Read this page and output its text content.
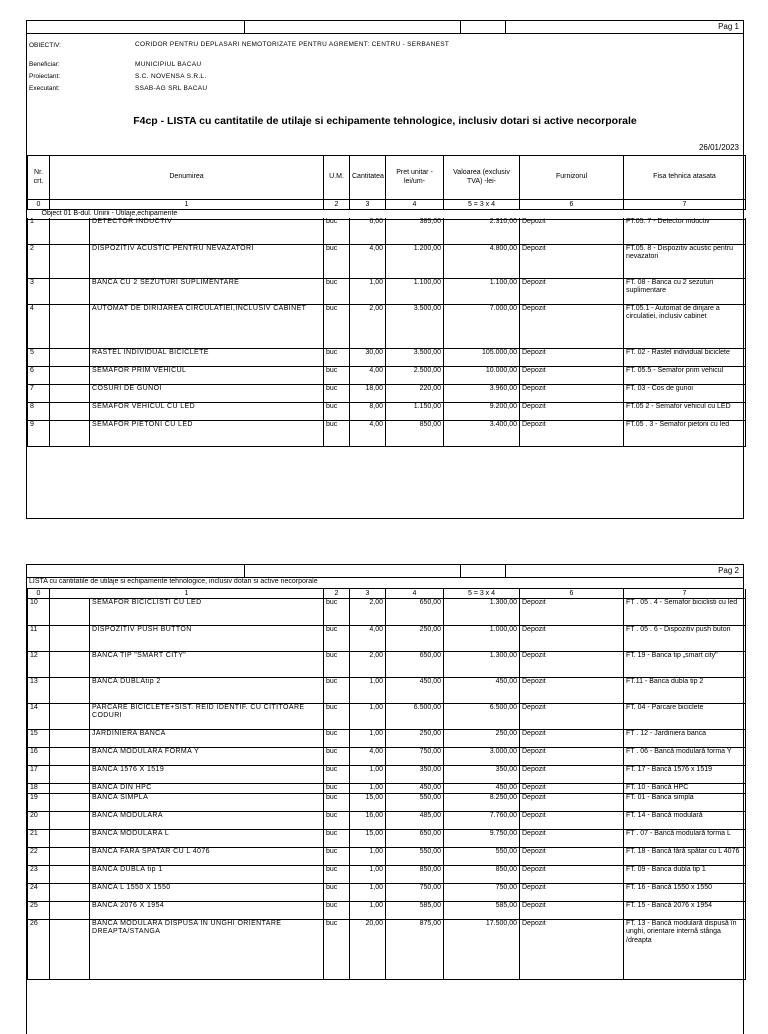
Pag 1
OBIECTIV:	CORIDOR PENTRU DEPLASARI NEMOTORIZATE PENTRU AGREMENT: CENTRU - SERBANEST
Beneficiar:	MUNICIPIUL BACAU
Proiectant:	S.C. NOVENSA S.R.L.
Executant:	SSAB-AG SRL BACAU
F4cp - LISTA cu cantitatile de utilaje si echipamente tehnologice, inclusiv dotari si active necorporale
26/01/2023
Nr. crt.	Denumirea	U.M.	Cantitatea	Pret unitar -lei/um-	Valoarea (exclusiv TVA) -lei-	Furnizorul	Fisa tehnica atasata
0	1	2	3	4	5 = 3 x 4	6	7
Object 01 B-dul. Unirii - Utilaje,echipamente							
1		DETECTOR INDUCTIV	buc	6,00	385,00	2.310,00	Depozit	FT.05. 7 - Detector inductiv
2		DISPOZITIV ACUSTIC PENTRU NEVAZATORI	buc	4,00	1.200,00	4.800,00	Depozit	FT.05. 8 - Dispozitiv acustic pentru nevazatori
3		BANCA CU 2 SEZUTURI SUPLIMENTARE	buc	1,00	1.100,00	1.100,00	Depozit	FT. 08 - Banca cu 2 sezuturi suplimentare
4		AUTOMAT DE DIRIJAREA CIRCULATIEI,INCLUSIV CABINET	buc	2,00	3.500,00	7.000,00	Depozit	FT.05.1 - Automat de dirijare a circulatiei, inclusiv cabinet
5		RASTEL INDIVIDUAL BICICLETE	buc	30,00	3.500,00	105.000,00	Depozit	FT. 02 - Rastel individual biciclete
6		SEMAFOR PRIM VEHICUL	buc	4,00	2.500,00	10.000,00	Depozit	FT. 05.5 - Semafor prim vehicul
7		COSURI DE GUNOI	buc	18,00	220,00	3.960,00	Depozit	FT. 03 - Cos de gunoi
8		SEMAFOR VEHICUL CU LED	buc	8,00	1.150,00	9.200,00	Depozit	FT.05 2 - Semafor vehicul cu LED
9		SEMAFOR PIETONI CU LED	buc	4,00	850,00	3.400,00	Depozit	FT.05 . 3 - Semafor pietoni cu led
Pag 2
LISTA cu cantitatile de utilaje si echipamente tehnologice, inclusiv dotari si active necorporale
0	1	2	3	4	5 = 3 x 4	6	7
10		SEMAFOR BICICLISTI CU LED	buc	2,00	650,00	1.300,00	Depozit	FT . 05 . 4 - Semafor biciclisti cu led
11		DISPOZITIV PUSH BUTTON	buc	4,00	250,00	1.000,00	Depozit	FT . 05 . 6 - Dispozitiv push buton
12		BANCA TIP "SMART CITY"	buc	2,00	650,00	1.300,00	Depozit	FT. 19 - Banca tip „smart city"
13		BANCA DUBLAtip 2	buc	1,00	450,00	450,00	Depozit	FT.11 - Banca dubla tip 2
14		PARCARE BICICLETE+SIST. REID IDENTIF. CU CITITOARE CODURI	buc	1,00	6.500,00	6.500,00	Depozit	FT. 04 - Parcare biciclete
15		JARDINIERA BANCA	buc	1,00	250,00	250,00	Depozit	FT . 12 - Jardiniera banca
16		BANCA MODULARA FORMA Y	buc	4,00	750,00	3.000,00	Depozit	FT . 06 - Bancă modulară forma Y
17		BANCA 1576 X 1519	buc	1,00	350,00	350,00	Depozit	FT. 17 - Bancă 1576 x 1519
18		BANCA DIN HPC	buc	1,00	450,00	450,00	Depozit	FT. 10 - Bancă HPC
19		BANCA SIMPLA	buc	15,00	550,00	8.250,00	Depozit	FT. 01 - Banca simpla
20		BANCA MODULARA	buc	16,00	485,00	7.760,00	Depozit	FT. 14 - Bancă modulară
21		BANCA MODULARA L	buc	15,00	650,00	9.750,00	Depozit	FT . 07 - Bancă modulară forma L
22		BANCA FARA SPATAR CU L 4076	buc	1,00	550,00	550,00	Depozit	FT. 18 - Bancă fără spătar cu L 4076
23		BANCA DUBLA tip 1	buc	1,00	850,00	850,00	Depozit	FT. 09 - Banca dubla tip 1
24		BANCA L 1550 X 1550	buc	1,00	750,00	750,00	Depozit	FT. 16 - Bancă 1550 x 1550
25		BANCA 2076 X 1954	buc	1,00	585,00	585,00	Depozit	FT. 15 - Bancă 2076 x 1954
26		BANCA MODULARA DISPUSA IN UNGHI ORIENTARE DREAPTA/STANGA	buc	20,00	875,00	17.500,00	Depozit	FT. 13 - Bancă modulară dispusă în unghi, orientare internă stânga /dreapta
